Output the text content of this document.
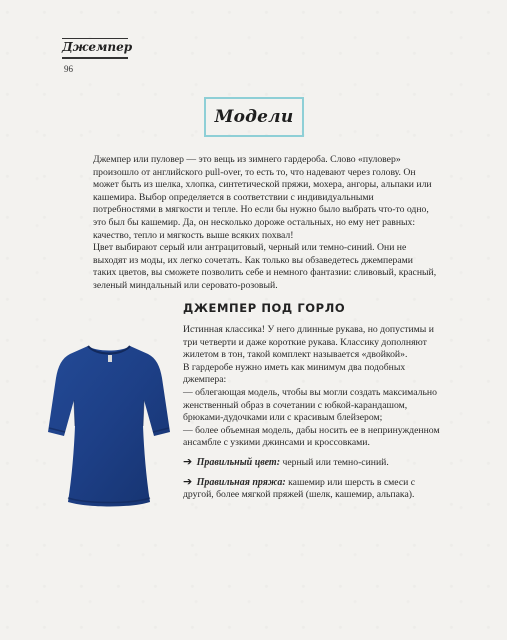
Джемпер
96
Модели

Джемпер или пуловер — это вещь из зимнего гардероба. Слово «пуловер» произошло от английского pull-over, то есть то, что надевают через голову. Он может быть из шелка, хлопка, синтетической пряжи, мохера, ангоры, альпаки или кашемира. Выбор определяется в соответствии с индивидуальными потребностями в мягкости и тепле. Но если бы нужно было выбрать что-то одно, это был бы кашемир. Да, он несколько дороже остальных, но ему нет равных: качество, тепло и мягкость выше всяких похвал!

Цвет выбирают серый или антрацитовый, черный или темно-синий. Они не выходят из моды, их легко сочетать. Как только вы обзаведетесь джемперами таких цветов, вы сможете позволить себе и немного фантазии: сливовый, красный, зеленый миндальный или серовато-розовый.

ДЖЕМПЕР ПОД ГОРЛО

Истинная классика! У него длинные рукава, но допустимы и три четверти и даже короткие рукава. Классику дополняют жилетом в тон, такой комплект называется «двойкой».

В гардеробе нужно иметь как минимум два подобных джемпера:

— облегающая модель, чтобы вы могли создать максимально женственный образ в сочетании с юбкой-карандашом, брюками-дудочками или с красивым блейзером;

— более объемная модель, дабы носить ее в непринужденном ансамбле с узкими джинсами и кроссовками.

➔ Правильный цвет: черный или темно-синий.

➔ Правильная пряжа: кашемир или шерсть в смеси с другой, более мягкой пряжей (шелк, кашемир, альпака).
